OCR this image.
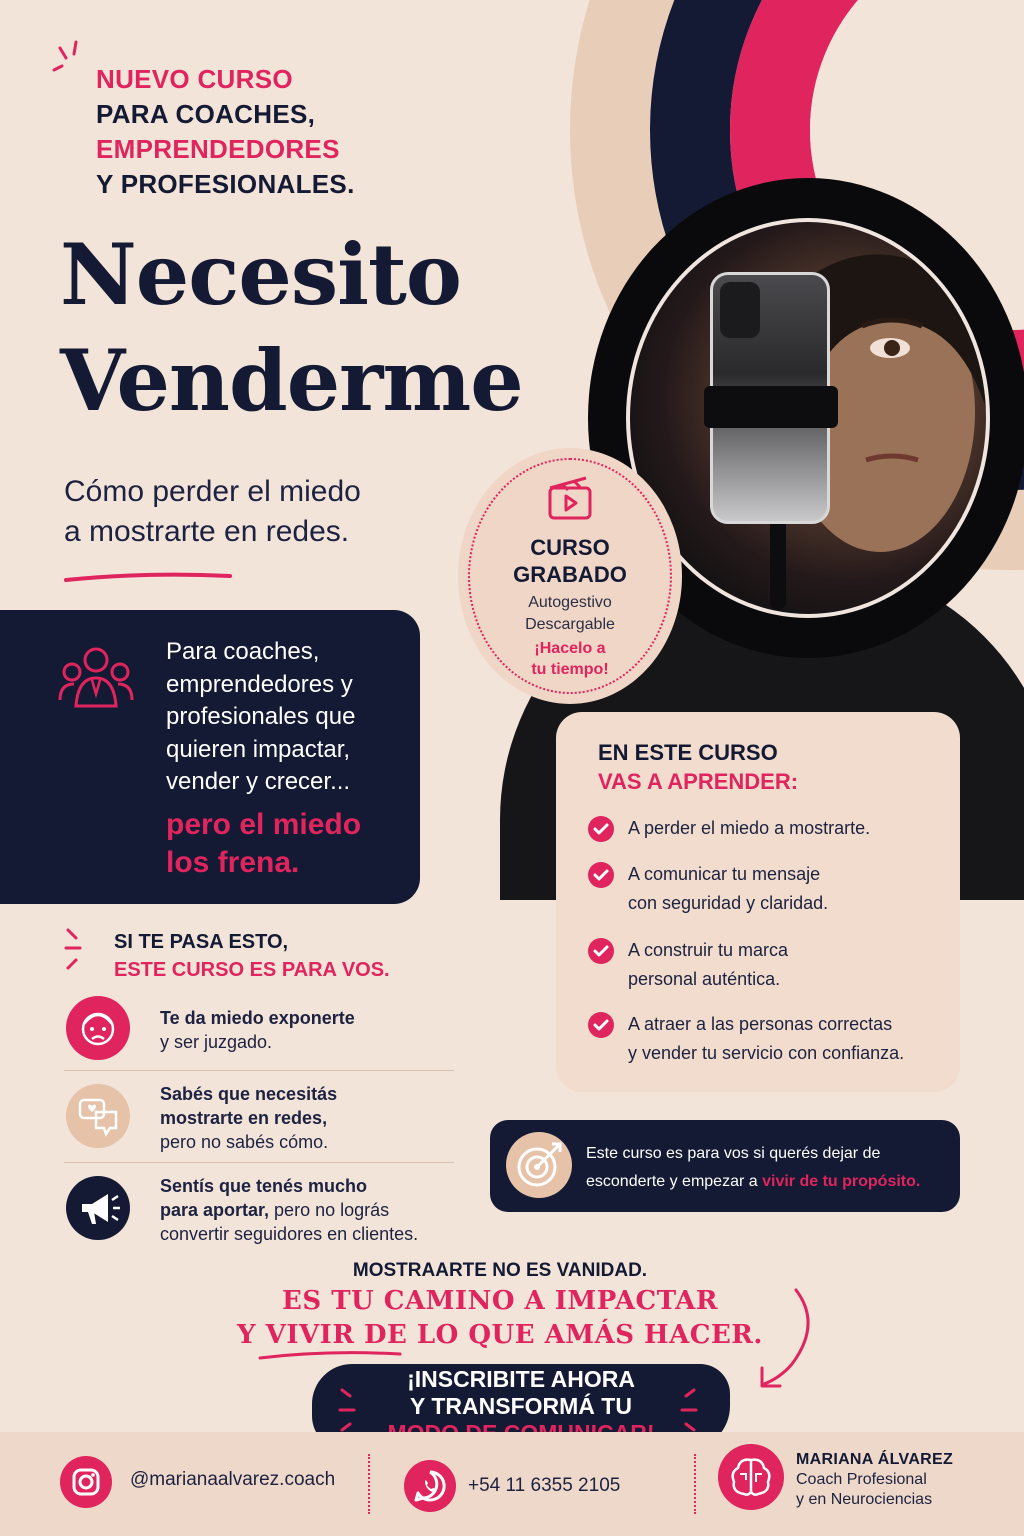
NUEVO CURSO
PARA COACHES,
EMPRENDEDORES
Y PROFESIONALES.
Necesito
Venderme
Cómo perder el miedo
a mostrarte en redes.	CURSO
GRABADO
Autogestivo
Descargable
¡Hacelo a
tu tiempo!
Para coaches,
emprendedores y
profesionales que
quieren impactar,
vender y crecer...
pero el miedo
los frena.
SI TE PASA ESTO,
ESTE CURSO ES PARA VOS.
Te da miedo exponerte
y ser juzgado.
Sabés que necesitás
mostrarte en redes,
pero no sabés cómo.
Sentís que tenés mucho
para aportar, pero no lográs
convertir seguidores en clientes.
EN ESTE CURSO
VAS A APRENDER:
A perder el miedo a mostrarte.
A comunicar tu mensaje
con seguridad y claridad.
A construir tu marca
personal auténtica.
A atraer a las personas correctas
y vender tu servicio con confianza.
Este curso es para vos si querés dejar de
esconderte y empezar a vivir de tu propósito.
MOSTRAARTE NO ES VANIDAD.
ES TU CAMINO A IMPACTAR
Y VIVIR DE LO QUE AMÁS HACER.
¡INSCRIBITE AHORA
Y TRANSFORMÁ TU
@marianaalvarez.coach	+54 11 6355 2105
MARIANA ÁLVAREZ
Coach Profesional
y en Neurociencias
